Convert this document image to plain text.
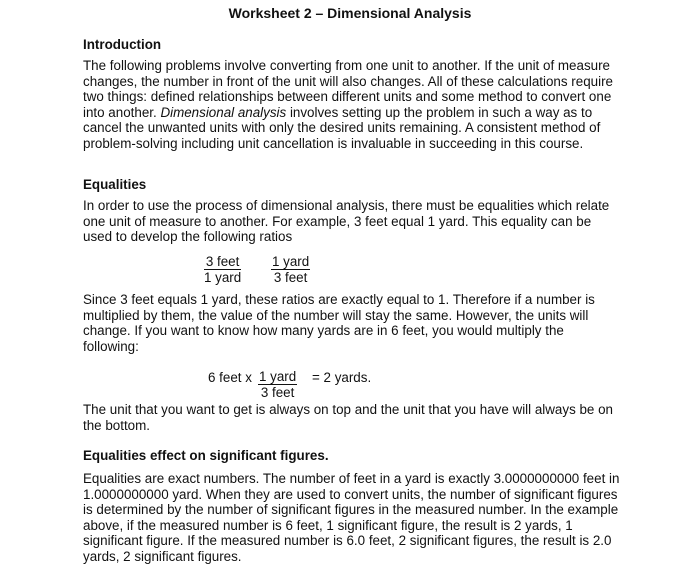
Worksheet 2 – Dimensional Analysis
Introduction

The following problems involve converting from one unit to another. If the unit of measure changes, the number in front of the unit will also changes. All of these calculations require two things: defined relationships between different units and some method to convert one into another. Dimensional analysis involves setting up the problem in such a way as to cancel the unwanted units with only the desired units remaining. A consistent method of problem-solving including unit cancellation is invaluable in succeeding in this course.

Equalities

In order to use the process of dimensional analysis, there must be equalities which relate one unit of measure to another. For example, 3 feet equal 1 yard. This equality can be used to develop the following ratios

3 feet
1 yard
1 yard
3 feet

Since 3 feet equals 1 yard, these ratios are exactly equal to 1. Therefore if a number is multiplied by them, the value of the number will stay the same. However, the units will change. If you want to know how many yards are in 6 feet, you would multiply the following:

6 feet x 1 yard
3 feet
= 2 yards.

The unit that you want to get is always on top and the unit that you have will always be on the bottom.

Equalities effect on significant figures.

Equalities are exact numbers. The number of feet in a yard is exactly 3.0000000000 feet in 1.0000000000 yard. When they are used to convert units, the number of significant figures is determined by the number of significant figures in the measured number. In the example above, if the measured number is 6 feet, 1 significant figure, the result is 2 yards, 1 significant figure. If the measured number is 6.0 feet, 2 significant figures, the result is 2.0 yards, 2 significant figures.
